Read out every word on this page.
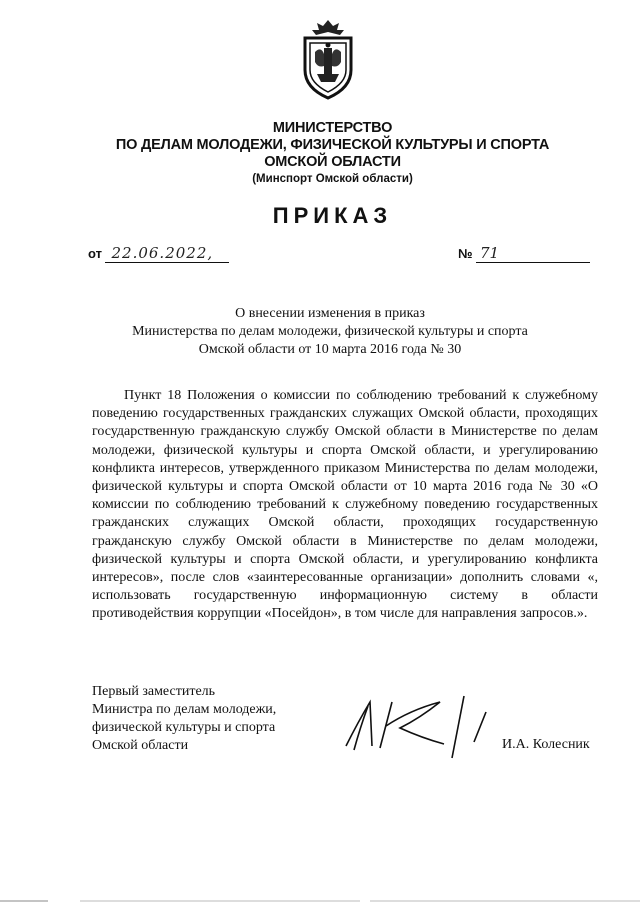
МИНИСТЕРСТВО
ПО ДЕЛАМ МОЛОДЕЖИ, ФИЗИЧЕСКОЙ КУЛЬТУРЫ И СПОРТА
ОМСКОЙ ОБЛАСТИ
(Минспорт Омской области)
ПРИКАЗ
от 22.06.2022,	№ 71
О внесении изменения в приказ
Министерства по делам молодежи, физической культуры и спорта
Омской области от 10 марта 2016 года № 30

Пункт 18 Положения о комиссии по соблюдению требований к служебному поведению государственных гражданских служащих Омской области, проходящих государственную гражданскую службу Омской области в Министерстве по делам молодежи, физической культуры и спорта Омской области, и урегулированию конфликта интересов, утвержденного приказом Министерства по делам молодежи, физической культуры и спорта Омской области от 10 марта 2016 года № 30 «О комиссии по соблюдению требований к служебному поведению государственных гражданских служащих Омской области, проходящих государственную гражданскую службу Омской области в Министерстве по делам молодежи, физической культуры и спорта Омской области, и урегулированию конфликта интересов», после слов «заинтересованные организации» дополнить словами «, использовать государственную информационную систему в области противодействия коррупции «Посейдон», в том числе для направления запросов.».

Первый заместитель
Министра по делам молодежи,
физической культуры и спорта
Омской области	И.А. Колесник
